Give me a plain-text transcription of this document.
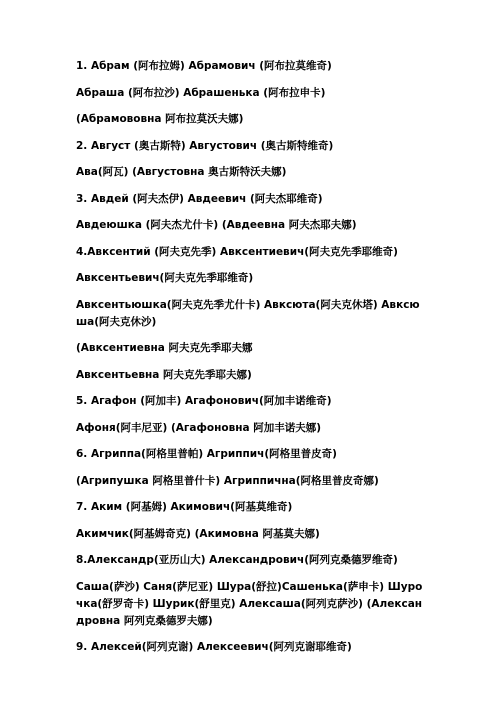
1. Абрам (阿布拉姆) Абрамович (阿布拉莫维奇)

Абраша (阿布拉沙) Абрашенька (阿布拉申卡)

(Абрамововна 阿布拉莫沃夫娜)

2. Август (奥古斯特) Августович (奥古斯特维奇)

Ава(阿瓦) (Августовна 奥古斯特沃夫娜)

3. Авдей (阿夫杰伊) Авдеевич (阿夫杰耶维奇)

Авдеюшка (阿夫杰尤什卡) (Авдеевна 阿夫杰耶夫娜)

4.Авксентий (阿夫克先季) Авксентиевич(阿夫克先季耶维奇)

Авксентьевич(阿夫克先季耶维奇)

Авксентьюшка(阿夫克先季尤什卡) Авксюта(阿夫克休塔) Авксюша(阿夫克休沙)

(Авксентиевна 阿夫克先季耶夫娜

Авксентьевна 阿夫克先季耶夫娜)

5. Агафон (阿加丰) Агафонович(阿加丰诺维奇)

Афоня(阿丰尼亚) (Агафоновна 阿加丰诺夫娜)

6. Агриппа(阿格里普帕) Агриппич(阿格里普皮奇)

(Агрипушка 阿格里普什卡) Агриппична(阿格里普皮奇娜)

7. Аким (阿基姆) Акимович(阿基莫维奇)

Акимчик(阿基姆奇克) (Акимовна 阿基莫夫娜)

8.Александр(亚历山大) Александрович(阿列克桑德罗维奇)

Саша(萨沙) Саня(萨尼亚) Шура(舒拉)Сашенька(萨申卡) Шурочка(舒罗奇卡) Шурик(舒里克) Алексаша(阿列克萨沙) (Александровна 阿列克桑德罗夫娜)

9. Алексей(阿列克谢) Алексеевич(阿列克谢耶维奇)
